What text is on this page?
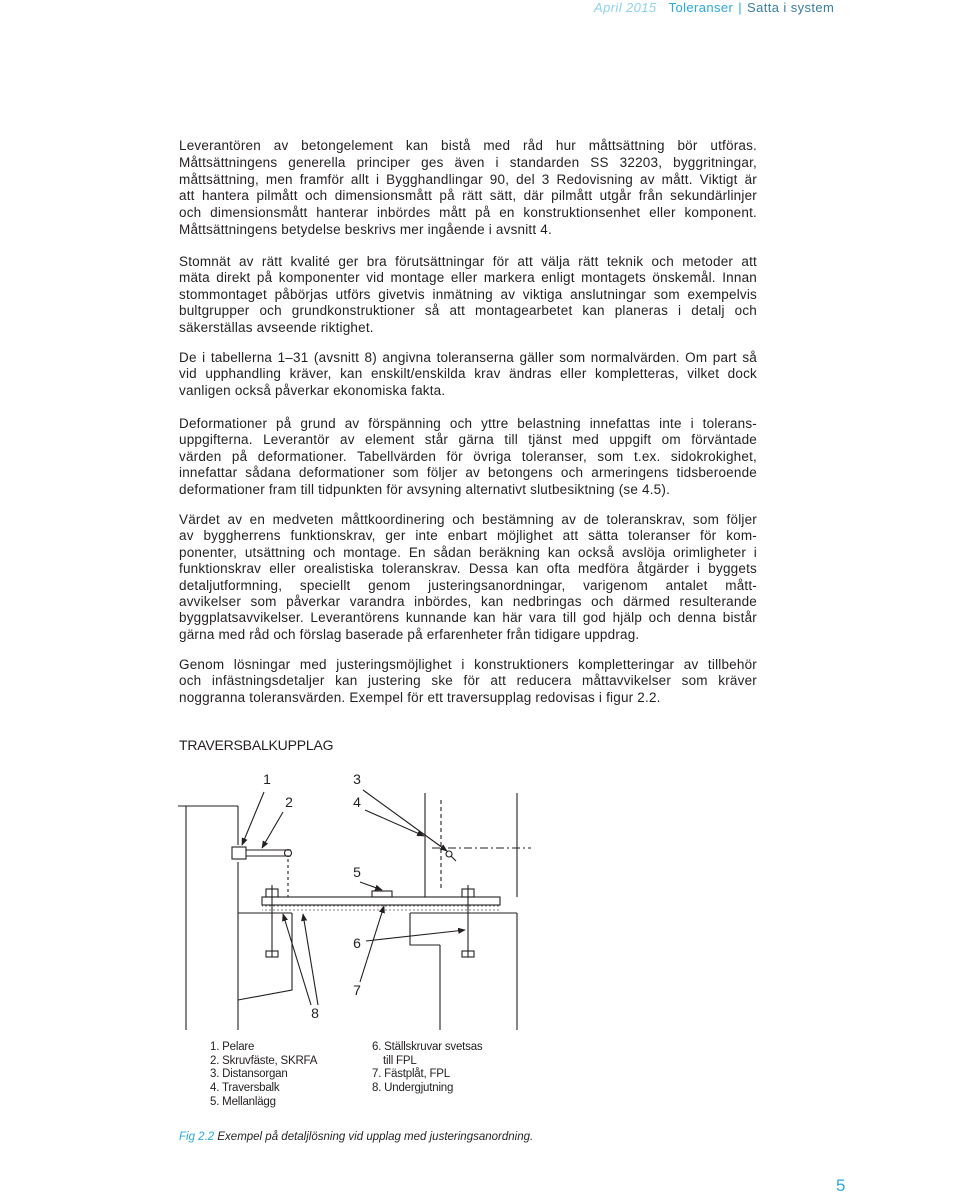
April 2015 Toleranser | Satta i system
Leverantören av betongelement kan bistå med råd hur måttsättning bör utföras.
Måttsättningens generella principer ges även i standarden SS 32203, byggritningar,
måttsättning, men framför allt i Bygghandlingar 90, del 3 Redovisning av mått. Viktigt är
att hantera pilmått och dimensionsmått på rätt sätt, där pilmått utgår från sekundärlinjer
och dimensionsmått hanterar inbördes mått på en konstruktionsenhet eller komponent.
Måttsättningens betydelse beskrivs mer ingående i avsnitt 4.
Stomnät av rätt kvalité ger bra förutsättningar för att välja rätt teknik och metoder att
mäta direkt på komponenter vid montage eller markera enligt montagets önskemål. Innan
stommontaget påbörjas utförs givetvis inmätning av viktiga anslutningar som exempelvis
bultgrupper och grundkonstruktioner så att montagearbetet kan planeras i detalj och
säkerställas avseende riktighet.
De i tabellerna 1–31 (avsnitt 8) angivna toleranserna gäller som normalvärden. Om part så
vid upphandling kräver, kan enskilt/enskilda krav ändras eller kompletteras, vilket dock
vanligen också påverkar ekonomiska fakta.
Deformationer på grund av förspänning och yttre belastning innefattas inte i tolerans-
uppgifterna. Leverantör av element står gärna till tjänst med uppgift om förväntade
värden på deformationer. Tabellvärden för övriga toleranser, som t.ex. sidokrokighet,
innefattar sådana deformationer som följer av betongens och armeringens tidsberoende
deformationer fram till tidpunkten för avsyning alternativt slutbesiktning (se 4.5).
Värdet av en medveten måttkoordinering och bestämning av de toleranskrav, som följer
av byggherrens funktionskrav, ger inte enbart möjlighet att sätta toleranser för kom-
ponenter, utsättning och montage. En sådan beräkning kan också avslöja orimligheter i
funktionskrav eller orealistiska toleranskrav. Dessa kan ofta medföra åtgärder i byggets
detaljutformning, speciellt genom justeringsanordningar, varigenom antalet mått-
avvikelser som påverkar varandra inbördes, kan nedbringas och därmed resulterande
byggplatsavvikelser. Leverantörens kunnande kan här vara till god hjälp och denna bistår
gärna med råd och förslag baserade på erfarenheter från tidigare uppdrag.
Genom lösningar med justeringsmöjlighet i konstruktioners kompletteringar av tillbehör
och infästningsdetaljer kan justering ske för att reducera måttavvikelser som kräver
noggranna toleransvärden. Exempel för ett traversupplag redovisas i figur 2.2.
TRAVERSBALKUPPLAG
1
2
3
4
5
6
7
8
1. Pelare
2. Skruvfäste, SKRFA
3. Distansorgan
4. Traversbalk
5. Mellanlägg
6. Ställskruvar svetsas
till FPL
7. Fästplåt, FPL
8. Undergjutning
Fig 2.2 Exempel på detaljlösning vid upplag med justeringsanordning.
5
